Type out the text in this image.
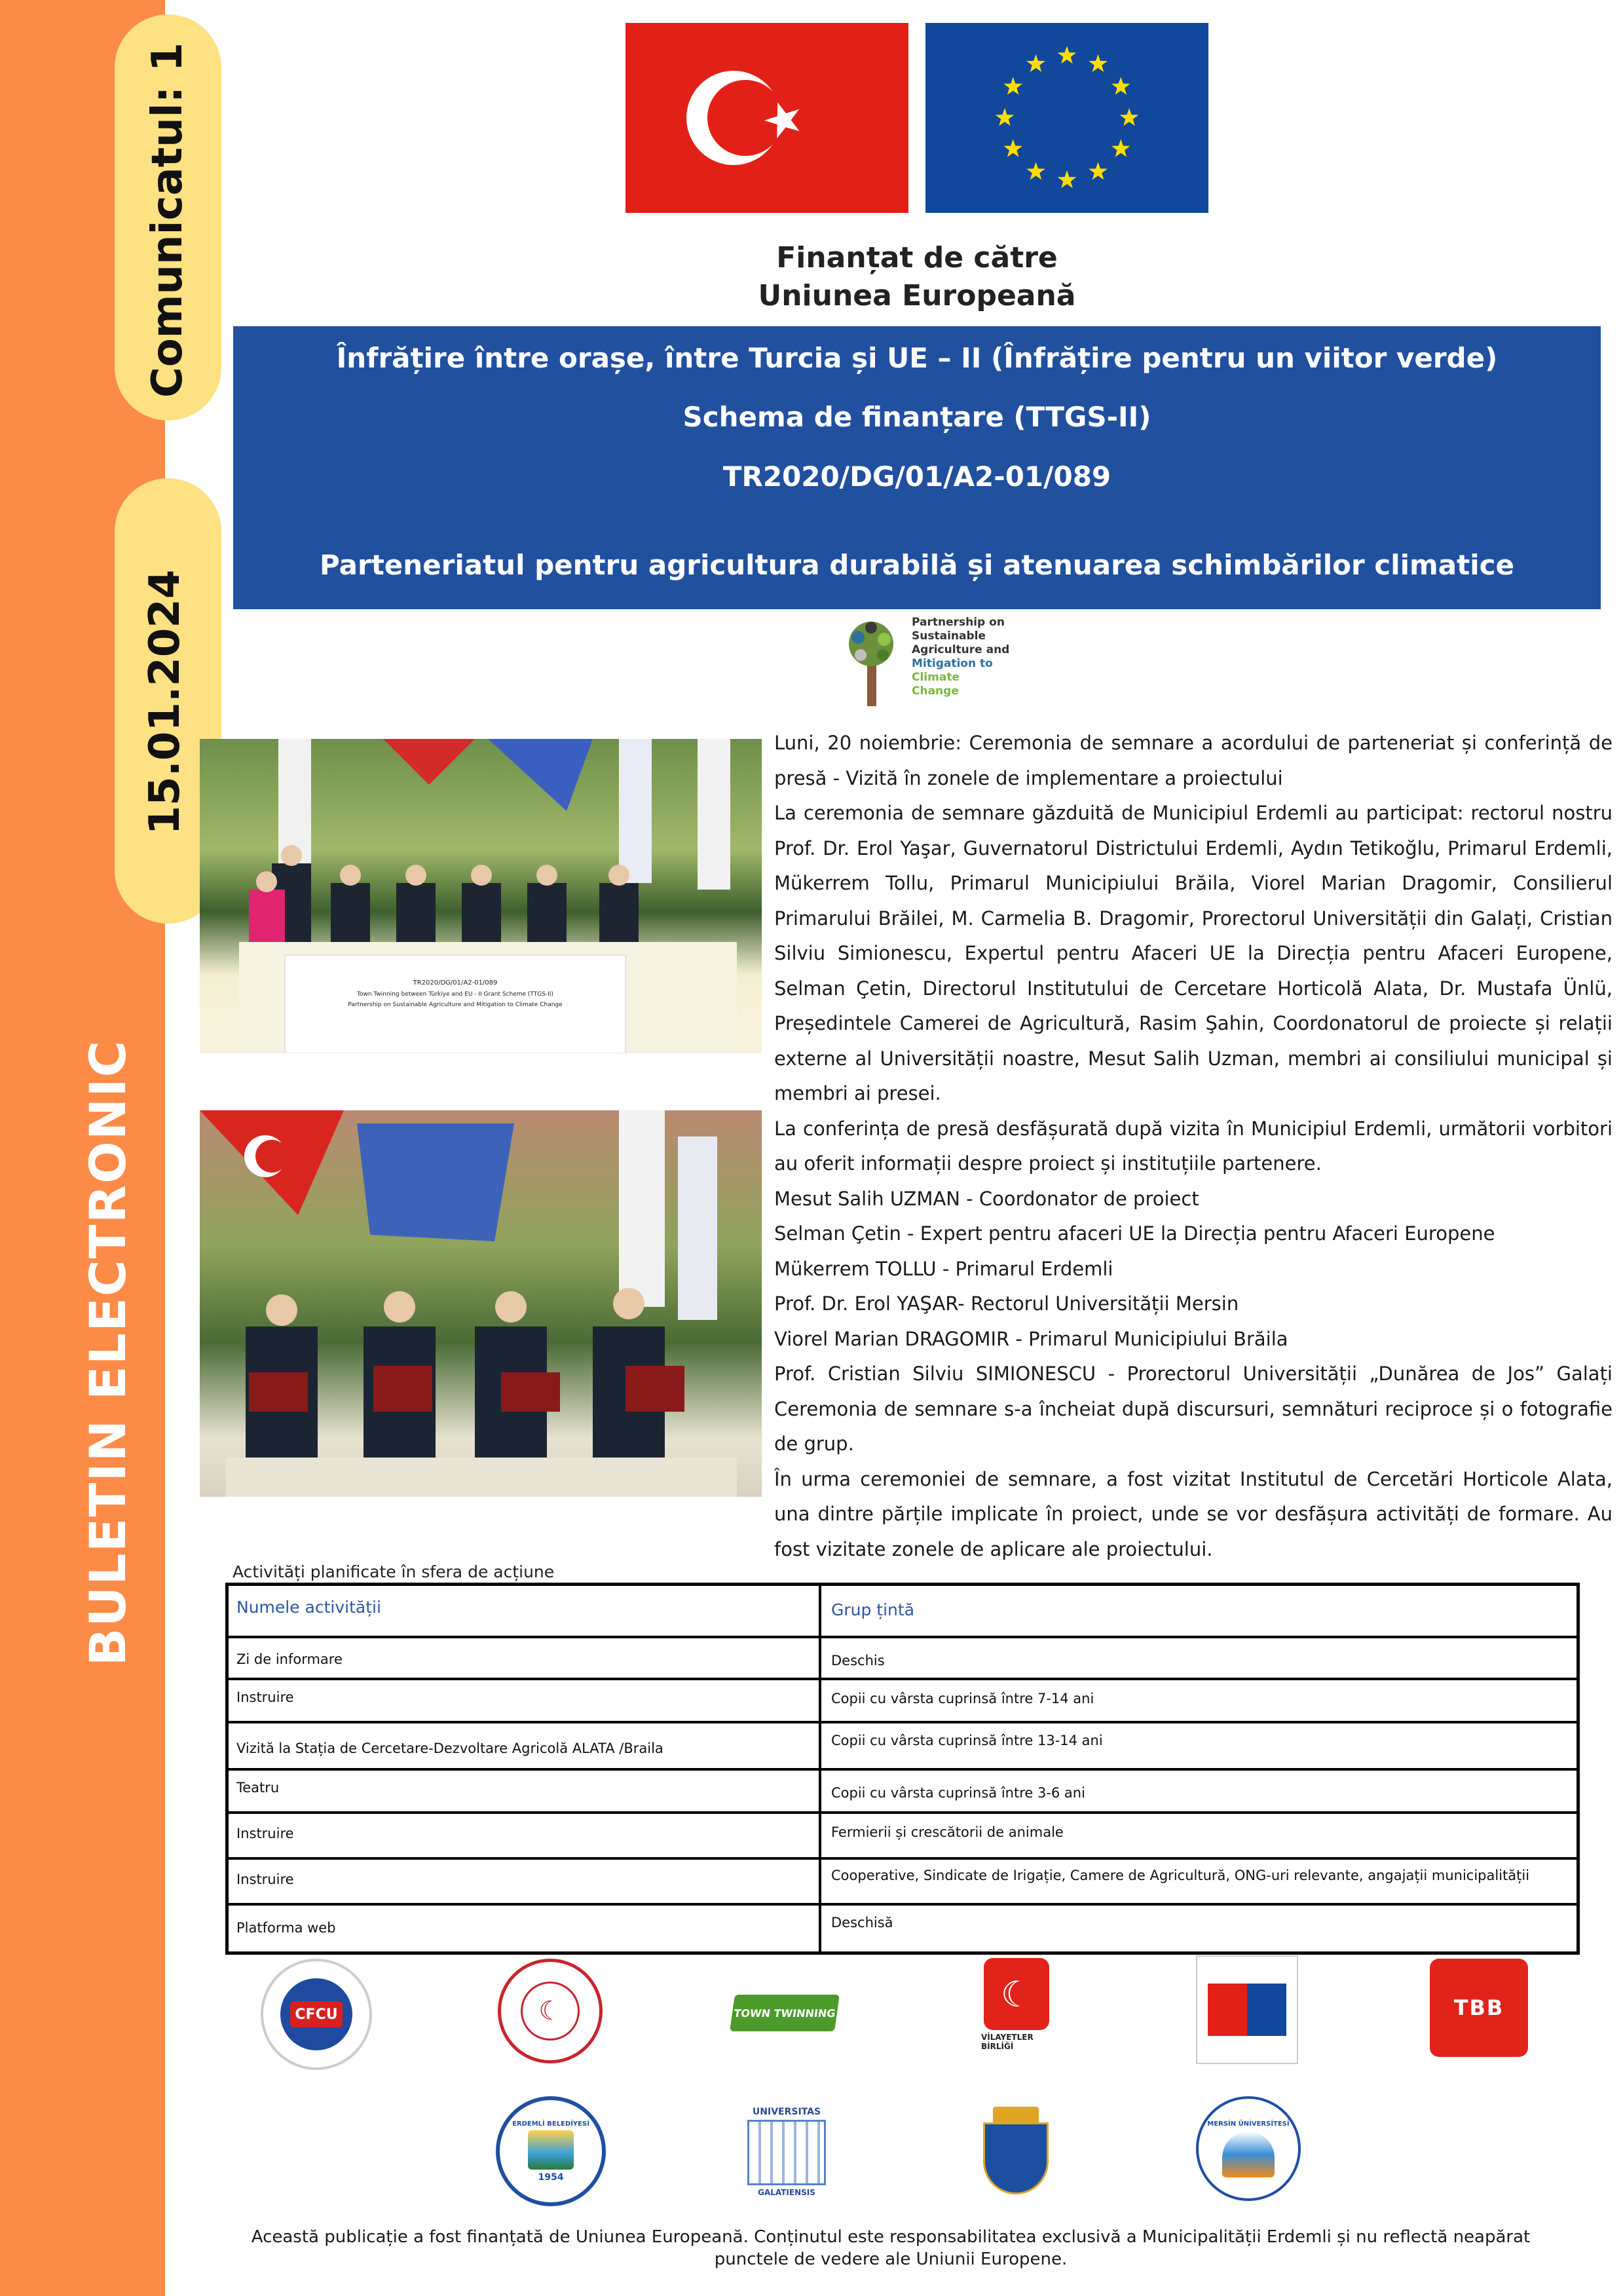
Comunicatul: 1
15.01.2024
BULETIN ELECTRONIC
Finanțat de către
Uniunea Europeană
Înfrățire între orașe, între Turcia și UE – II (Înfrățire pentru un viitor verde)
Schema de finanțare (TTGS-II)
TR2020/DG/01/A2-01/089
Parteneriatul pentru agricultura durabilă și atenuarea schimbărilor climatice
Partnership on
Sustainable
Agriculture and
Mitigation to
Climate
Change
TR2020/DG/01/A2-01/089
Town Twinning between Türkiye and EU - II Grant Scheme (TTGS-II)
Partnership on Sustainable Agriculture and Mitigation to Climate Change

Luni, 20 noiembrie: Ceremonia de semnare a acordului de parteneriat și conferință de presă - Vizită în zonele de implementare a proiectului

La ceremonia de semnare găzduită de Municipiul Erdemli au participat: rectorul nostru Prof. Dr. Erol Yaşar, Guvernatorul Districtului Erdemli, Aydın Tetikoğlu, Primarul Erdemli, Mükerrem Tollu, Primarul Municipiului Brăila, Viorel Marian Dragomir, Consilierul Primarului Brăilei, M. Carmelia B. Dragomir, Prorectorul Universității din Galați, Cristian Silviu Simionescu, Expertul pentru Afaceri UE la Direcția pentru Afaceri Europene, Selman Çetin, Directorul Institutului de Cercetare Horticolă Alata, Dr. Mustafa Ünlü, Președintele Camerei de Agricultură, Rasim Şahin, Coordonatorul de proiecte și relații externe al Universității noastre, Mesut Salih Uzman, membri ai consiliului municipal și membri ai presei.

La conferința de presă desfășurată după vizita în Municipiul Erdemli, următorii vorbitori au oferit informații despre proiect și instituțiile partenere.

Mesut Salih UZMAN - Coordonator de proiect

Selman Çetin - Expert pentru afaceri UE la Direcția pentru Afaceri Europene

Mükerrem TOLLU - Primarul Erdemli

Prof. Dr. Erol YAŞAR- Rectorul Universității Mersin

Viorel Marian DRAGOMIR - Primarul Municipiului Brăila

Prof. Cristian Silviu SIMIONESCU - Prorectorul Universității „Dunărea de Jos” Galați Ceremonia de semnare s-a încheiat după discursuri, semnături reciproce și o fotografie de grup.

În urma ceremoniei de semnare, a fost vizitat Institutul de Cercetări Horticole Alata, una dintre părțile implicate în proiect, unde se vor desfășura activități de formare. Au fost vizitate zonele de aplicare ale proiectului.

Activități planificate în sfera de acțiune
Numele activității	Grup țintă
Zi de informare	Deschis
Instruire	Copii cu vârsta cuprinsă între 7-14 ani
Vizită la Stația de Cercetare-Dezvoltare Agricolă ALATA /Braila	Copii cu vârsta cuprinsă între 13-14 ani
Teatru	Copii cu vârsta cuprinsă între 3-6 ani
Instruire	Fermierii și crescătorii de animale
Instruire	Cooperative, Sindicate de Irigație, Camere de Agricultură, ONG-uri relevante, angajații municipalității
Platforma web	Deschisă
CFCU	☾	TOWN TWINNING	☾
VİLAYETLER BİRLİĞİ
TBB
ERDEMLİ BELEDİYESİ
1954
UNIVERSITAS
GALATIENSIS
MERSİN ÜNİVERSİTESİ
Această publicație a fost finanțată de Uniunea Europeană. Conținutul este responsabilitatea exclusivă a Municipalității Erdemli și nu reflectă neapărat punctele de vedere ale Uniunii Europene.
